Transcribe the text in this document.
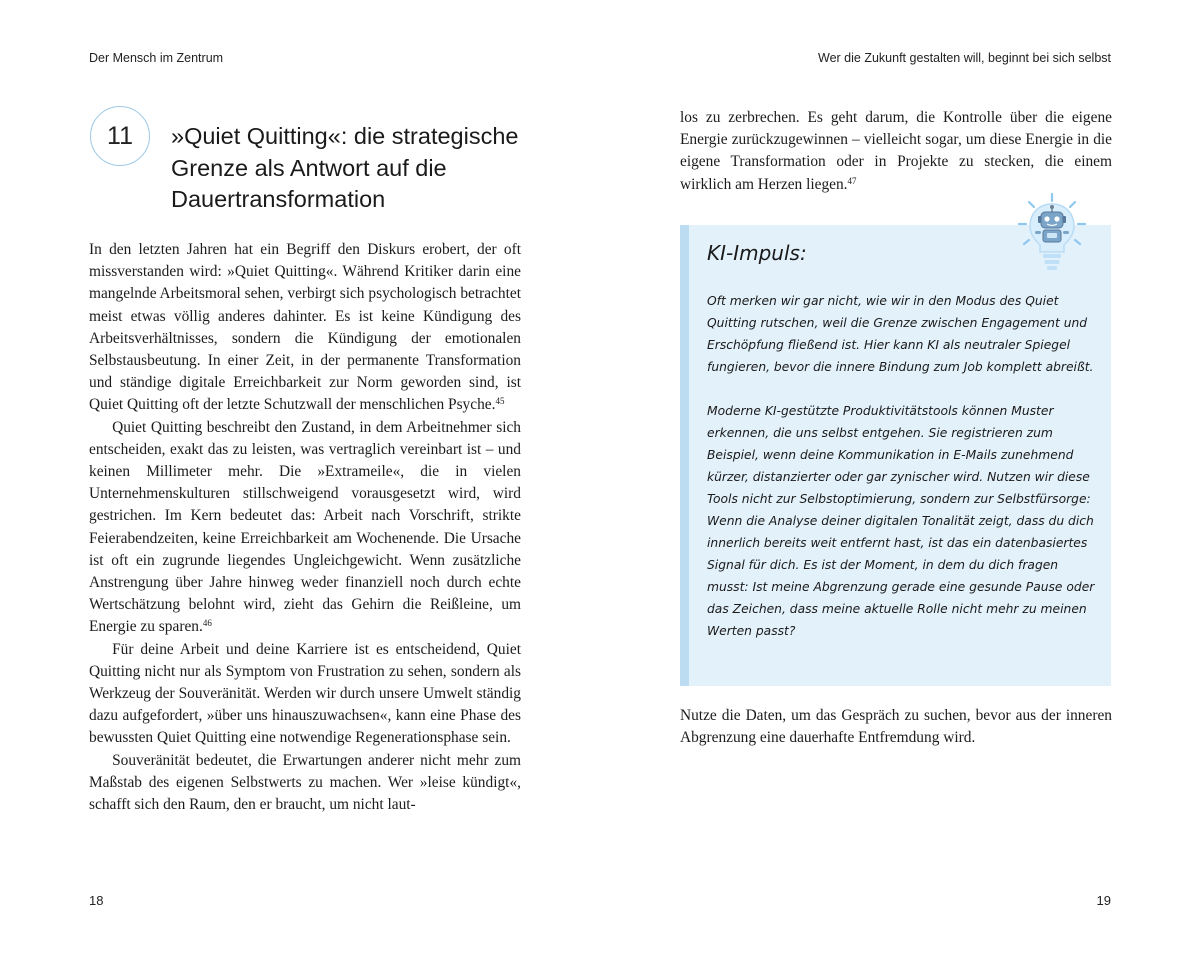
Der Mensch im Zentrum	Wer die Zukunft gestalten will, beginnt bei sich selbst
11 »Quiet Quitting«: die strategische
Grenze als Antwort auf die
Dauertransformation

In den letzten Jahren hat ein Begriff den Diskurs erobert, der oft missverstanden wird: »Quiet Quitting«. Während Kritiker darin eine mangelnde Arbeitsmoral sehen, verbirgt sich psychologisch betrachtet meist etwas völlig anderes dahinter. Es ist keine Kündigung des Arbeitsverhältnisses, sondern die Kündigung der emotionalen Selbstausbeutung. In einer Zeit, in der permanente Transformation und ständige digitale Erreichbarkeit zur Norm geworden sind, ist Quiet Quitting oft der letzte Schutzwall der menschlichen Psyche.$^{45}$

Quiet Quitting beschreibt den Zustand, in dem Arbeitnehmer sich entscheiden, exakt das zu leisten, was vertraglich vereinbart ist – und keinen Millimeter mehr. Die »Extrameile«, die in vielen Unternehmenskulturen stillschweigend vorausgesetzt wird, wird gestrichen. Im Kern bedeutet das: Arbeit nach Vorschrift, strikte Feierabendzeiten, keine Erreichbarkeit am Wochenende. Die Ursache ist oft ein zugrunde liegendes Ungleichgewicht. Wenn zusätzliche Anstrengung über Jahre hinweg weder finanziell noch durch echte Wertschätzung belohnt wird, zieht das Gehirn die Reißleine, um Energie zu sparen.$^{46}$

Für deine Arbeit und deine Karriere ist es entscheidend, Quiet Quitting nicht nur als Symptom von Frustration zu sehen, sondern als Werkzeug der Souveränität. Werden wir durch unsere Umwelt ständig dazu aufgefordert, »über uns hinauszuwachsen«, kann eine Phase des bewussten Quiet Quitting eine notwendige Regenerationsphase sein.

Souveränität bedeutet, die Erwartungen anderer nicht mehr zum Maßstab des eigenen Selbstwerts zu machen. Wer »leise kündigt«, schafft sich den Raum, den er braucht, um nicht laut-

los zu zerbrechen. Es geht darum, die Kontrolle über die eigene Energie zurückzugewinnen – vielleicht sogar, um diese Energie in die eigene Transformation oder in Projekte zu stecken, die einem wirklich am Herzen liegen.$^{47}$

KI-Impuls:

Oft merken wir gar nicht, wie wir in den Modus des Quiet Quitting rutschen, weil die Grenze zwischen Engagement und Erschöpfung fließend ist. Hier kann KI als neutraler Spiegel fungieren, bevor die innere Bindung zum Job komplett abreißt.

Moderne KI-gestützte Produktivitätstools können Muster erkennen, die uns selbst entgehen. Sie registrieren zum Beispiel, wenn deine Kommunikation in E-Mails zunehmend kürzer, distanzierter oder gar zynischer wird. Nutzen wir diese Tools nicht zur Selbstoptimierung, sondern zur Selbstfürsorge: Wenn die Analyse deiner digitalen Tonalität zeigt, dass du dich innerlich bereits weit entfernt hast, ist das ein datenbasiertes Signal für dich. Es ist der Moment, in dem du dich fragen musst: Ist meine Abgrenzung gerade eine gesunde Pause oder das Zeichen, dass meine aktuelle Rolle nicht mehr zu meinen Werten passt?

Nutze die Daten, um das Gespräch zu suchen, bevor aus der inneren Abgrenzung eine dauerhafte Entfremdung wird.

18	19
